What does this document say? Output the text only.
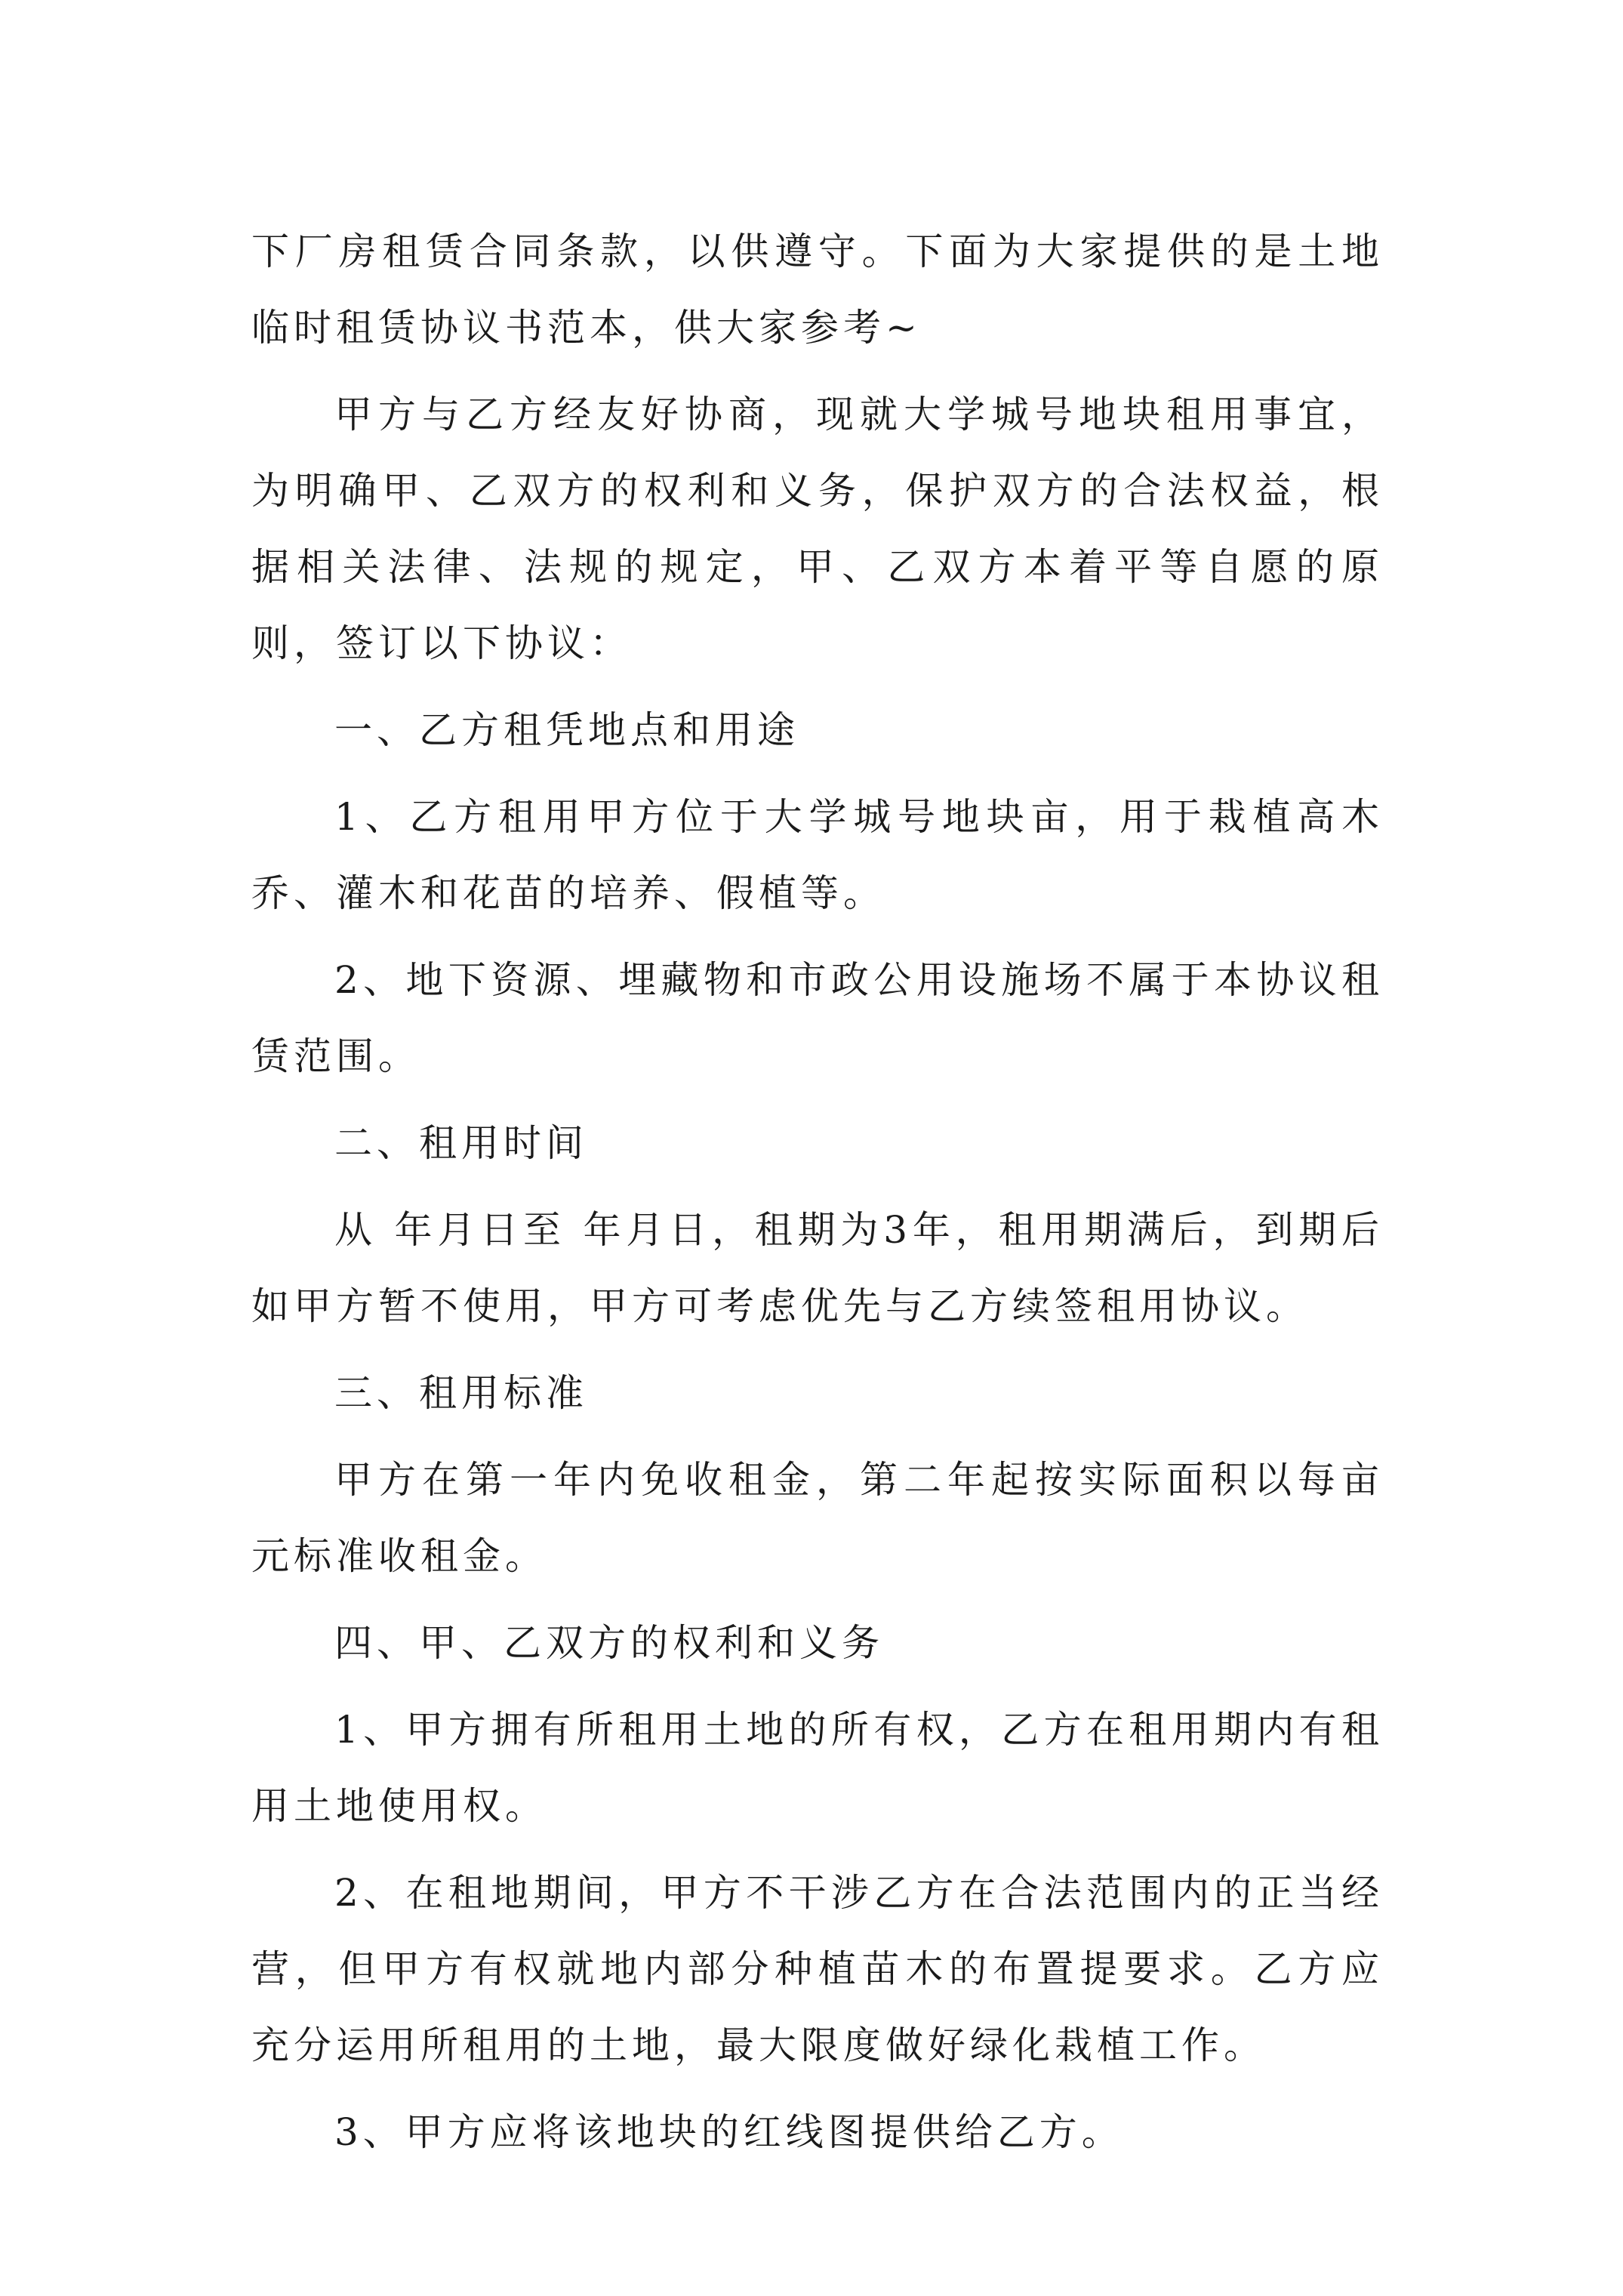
下厂房租赁合同条款，以供遵守。下面为大家提供的是土地临时租赁协议书范本，供大家参考~

甲方与乙方经友好协商，现就大学城号地块租用事宜，为明确甲、乙双方的权利和义务，保护双方的合法权益，根据相关法律、法规的规定，甲、乙双方本着平等自愿的原则，签订以下协议：

一、乙方租凭地点和用途

1、乙方租用甲方位于大学城号地块亩，用于栽植高木乔、灌木和花苗的培养、假植等。

2、地下资源、埋藏物和市政公用设施场不属于本协议租赁范围。

二、租用时间

从 年月日至 年月日，租期为3年，租用期满后，到期后如甲方暂不使用，甲方可考虑优先与乙方续签租用协议。

三、租用标准

甲方在第一年内免收租金，第二年起按实际面积以每亩元标准收租金。

四、甲、乙双方的权利和义务

1、甲方拥有所租用土地的所有权，乙方在租用期内有租用土地使用权。

2、在租地期间，甲方不干涉乙方在合法范围内的正当经营，但甲方有权就地内部分种植苗木的布置提要求。乙方应充分运用所租用的土地，最大限度做好绿化栽植工作。

3、甲方应将该地块的红线图提供给乙方。
